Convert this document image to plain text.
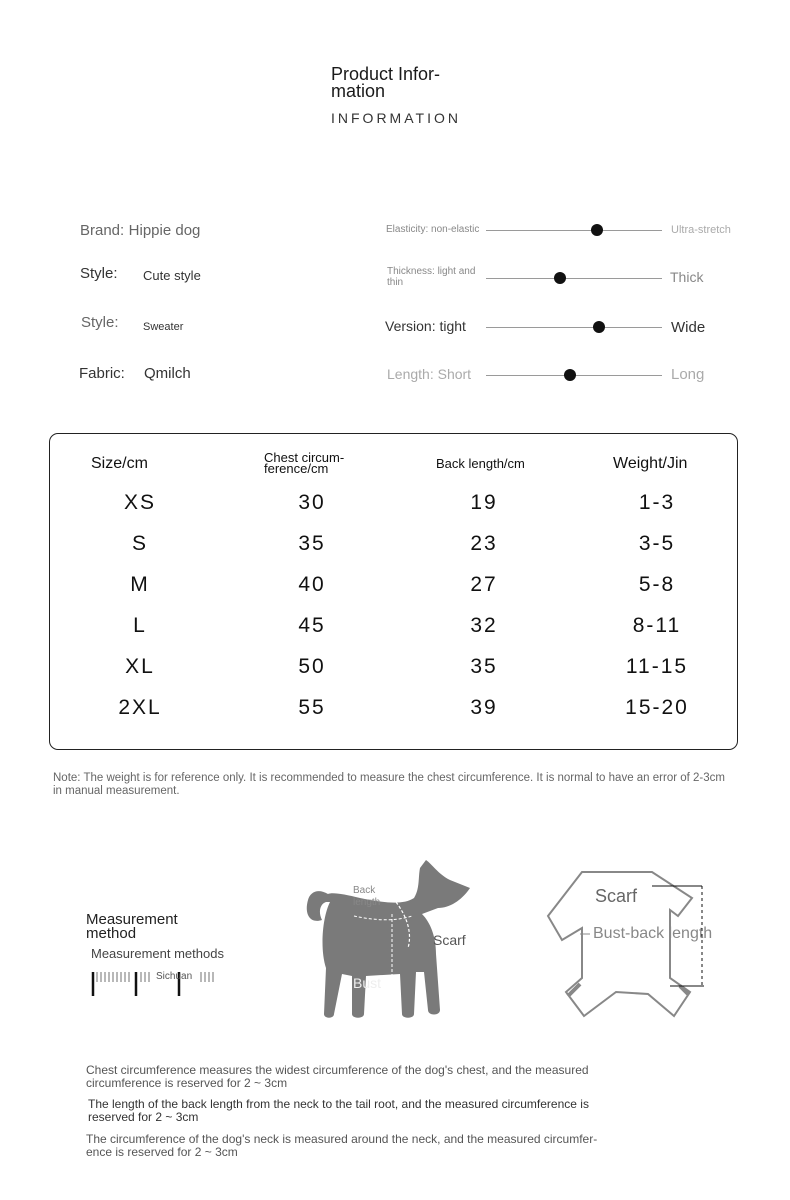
Product Infor-
mation
INFORMATION
Brand: Hippie dog
Style: Cute style
Style: Sweater
Fabric: Qmilch
Elasticity: non-elastic	Ultra-stretch
Thickness: light and thin	Thick
Version: tight	Wide
Length: Short	Long
Size/cm	Chest circum-
ference/cm	Back length/cm	Weight/Jin
XS	30	19	1-3
S	35	23	3-5
M	40	27	5-8
L	45	32	8-11
XL	50	35	11-15
2XL	55	39	15-20
Note: The weight is for reference only. It is recommended to measure the chest circumference. It is normal to have an error of 2-3cm in manual measurement.
Measurement
method
Measurement methods
Sichuan
Back
length
Scarf
Bust
Scarf
Bust-back length
Chest circumference measures the widest circumference of the dog's chest, and the measured circumference is reserved for 2 ~ 3cm
The length of the back length from the neck to the tail root, and the measured circumference is reserved for 2 ~ 3cm
The circumference of the dog's neck is measured around the neck, and the measured circumfer-ence is reserved for 2 ~ 3cm
